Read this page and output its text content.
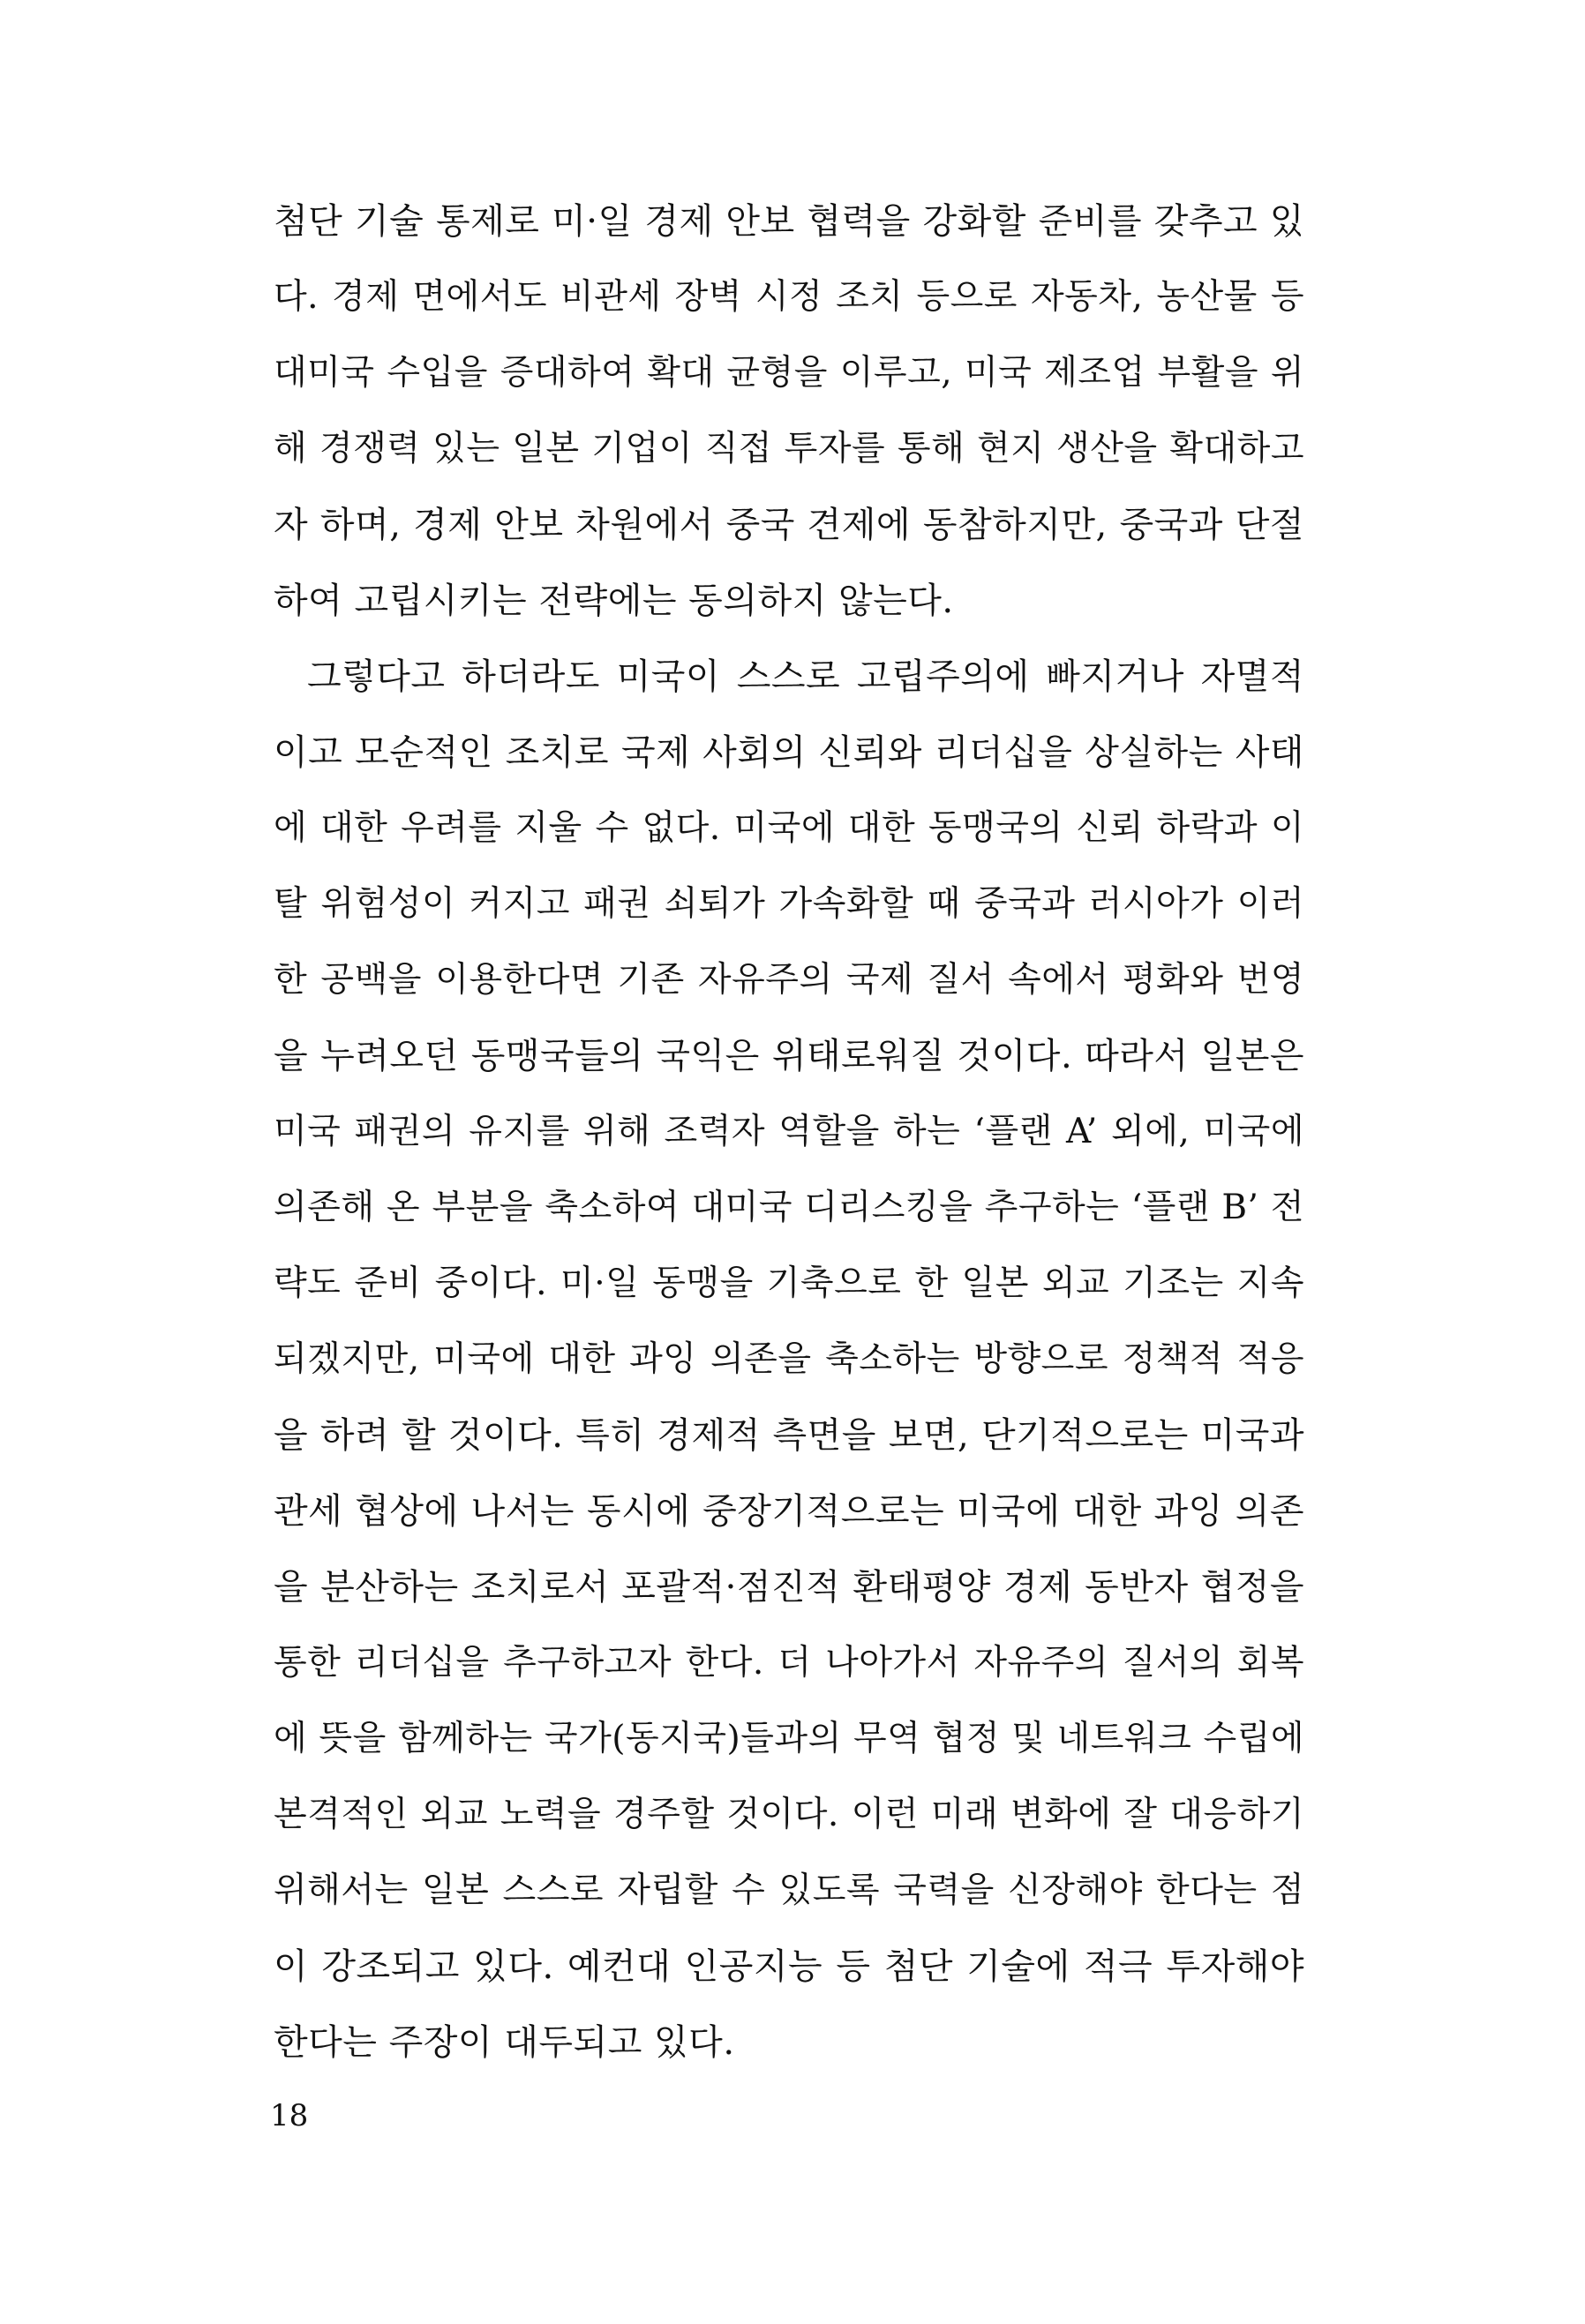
첨단 기술 통제로 미·일 경제 안보 협력을 강화할 준비를 갖추고 있
다. 경제 면에서도 비관세 장벽 시정 조치 등으로 자동차, 농산물 등
대미국 수입을 증대하여 확대 균형을 이루고, 미국 제조업 부활을 위
해 경쟁력 있는 일본 기업이 직접 투자를 통해 현지 생산을 확대하고
자 하며, 경제 안보 차원에서 중국 견제에 동참하지만, 중국과 단절
하여 고립시키는 전략에는 동의하지 않는다.
그렇다고 하더라도 미국이 스스로 고립주의에 빠지거나 자멸적
이고 모순적인 조치로 국제 사회의 신뢰와 리더십을 상실하는 사태
에 대한 우려를 지울 수 없다. 미국에 대한 동맹국의 신뢰 하락과 이
탈 위험성이 커지고 패권 쇠퇴가 가속화할 때 중국과 러시아가 이러
한 공백을 이용한다면 기존 자유주의 국제 질서 속에서 평화와 번영
을 누려오던 동맹국들의 국익은 위태로워질 것이다. 따라서 일본은
미국 패권의 유지를 위해 조력자 역할을 하는 ‘플랜 A’ 외에, 미국에
의존해 온 부분을 축소하여 대미국 디리스킹을 추구하는 ‘플랜 B’ 전
략도 준비 중이다. 미·일 동맹을 기축으로 한 일본 외교 기조는 지속
되겠지만, 미국에 대한 과잉 의존을 축소하는 방향으로 정책적 적응
을 하려 할 것이다. 특히 경제적 측면을 보면, 단기적으로는 미국과
관세 협상에 나서는 동시에 중장기적으로는 미국에 대한 과잉 의존
을 분산하는 조치로서 포괄적·점진적 환태평양 경제 동반자 협정을
통한 리더십을 추구하고자 한다. 더 나아가서 자유주의 질서의 회복
에 뜻을 함께하는 국가(동지국)들과의 무역 협정 및 네트워크 수립에
본격적인 외교 노력을 경주할 것이다. 이런 미래 변화에 잘 대응하기
위해서는 일본 스스로 자립할 수 있도록 국력을 신장해야 한다는 점
이 강조되고 있다. 예컨대 인공지능 등 첨단 기술에 적극 투자해야
한다는 주장이 대두되고 있다.
18
